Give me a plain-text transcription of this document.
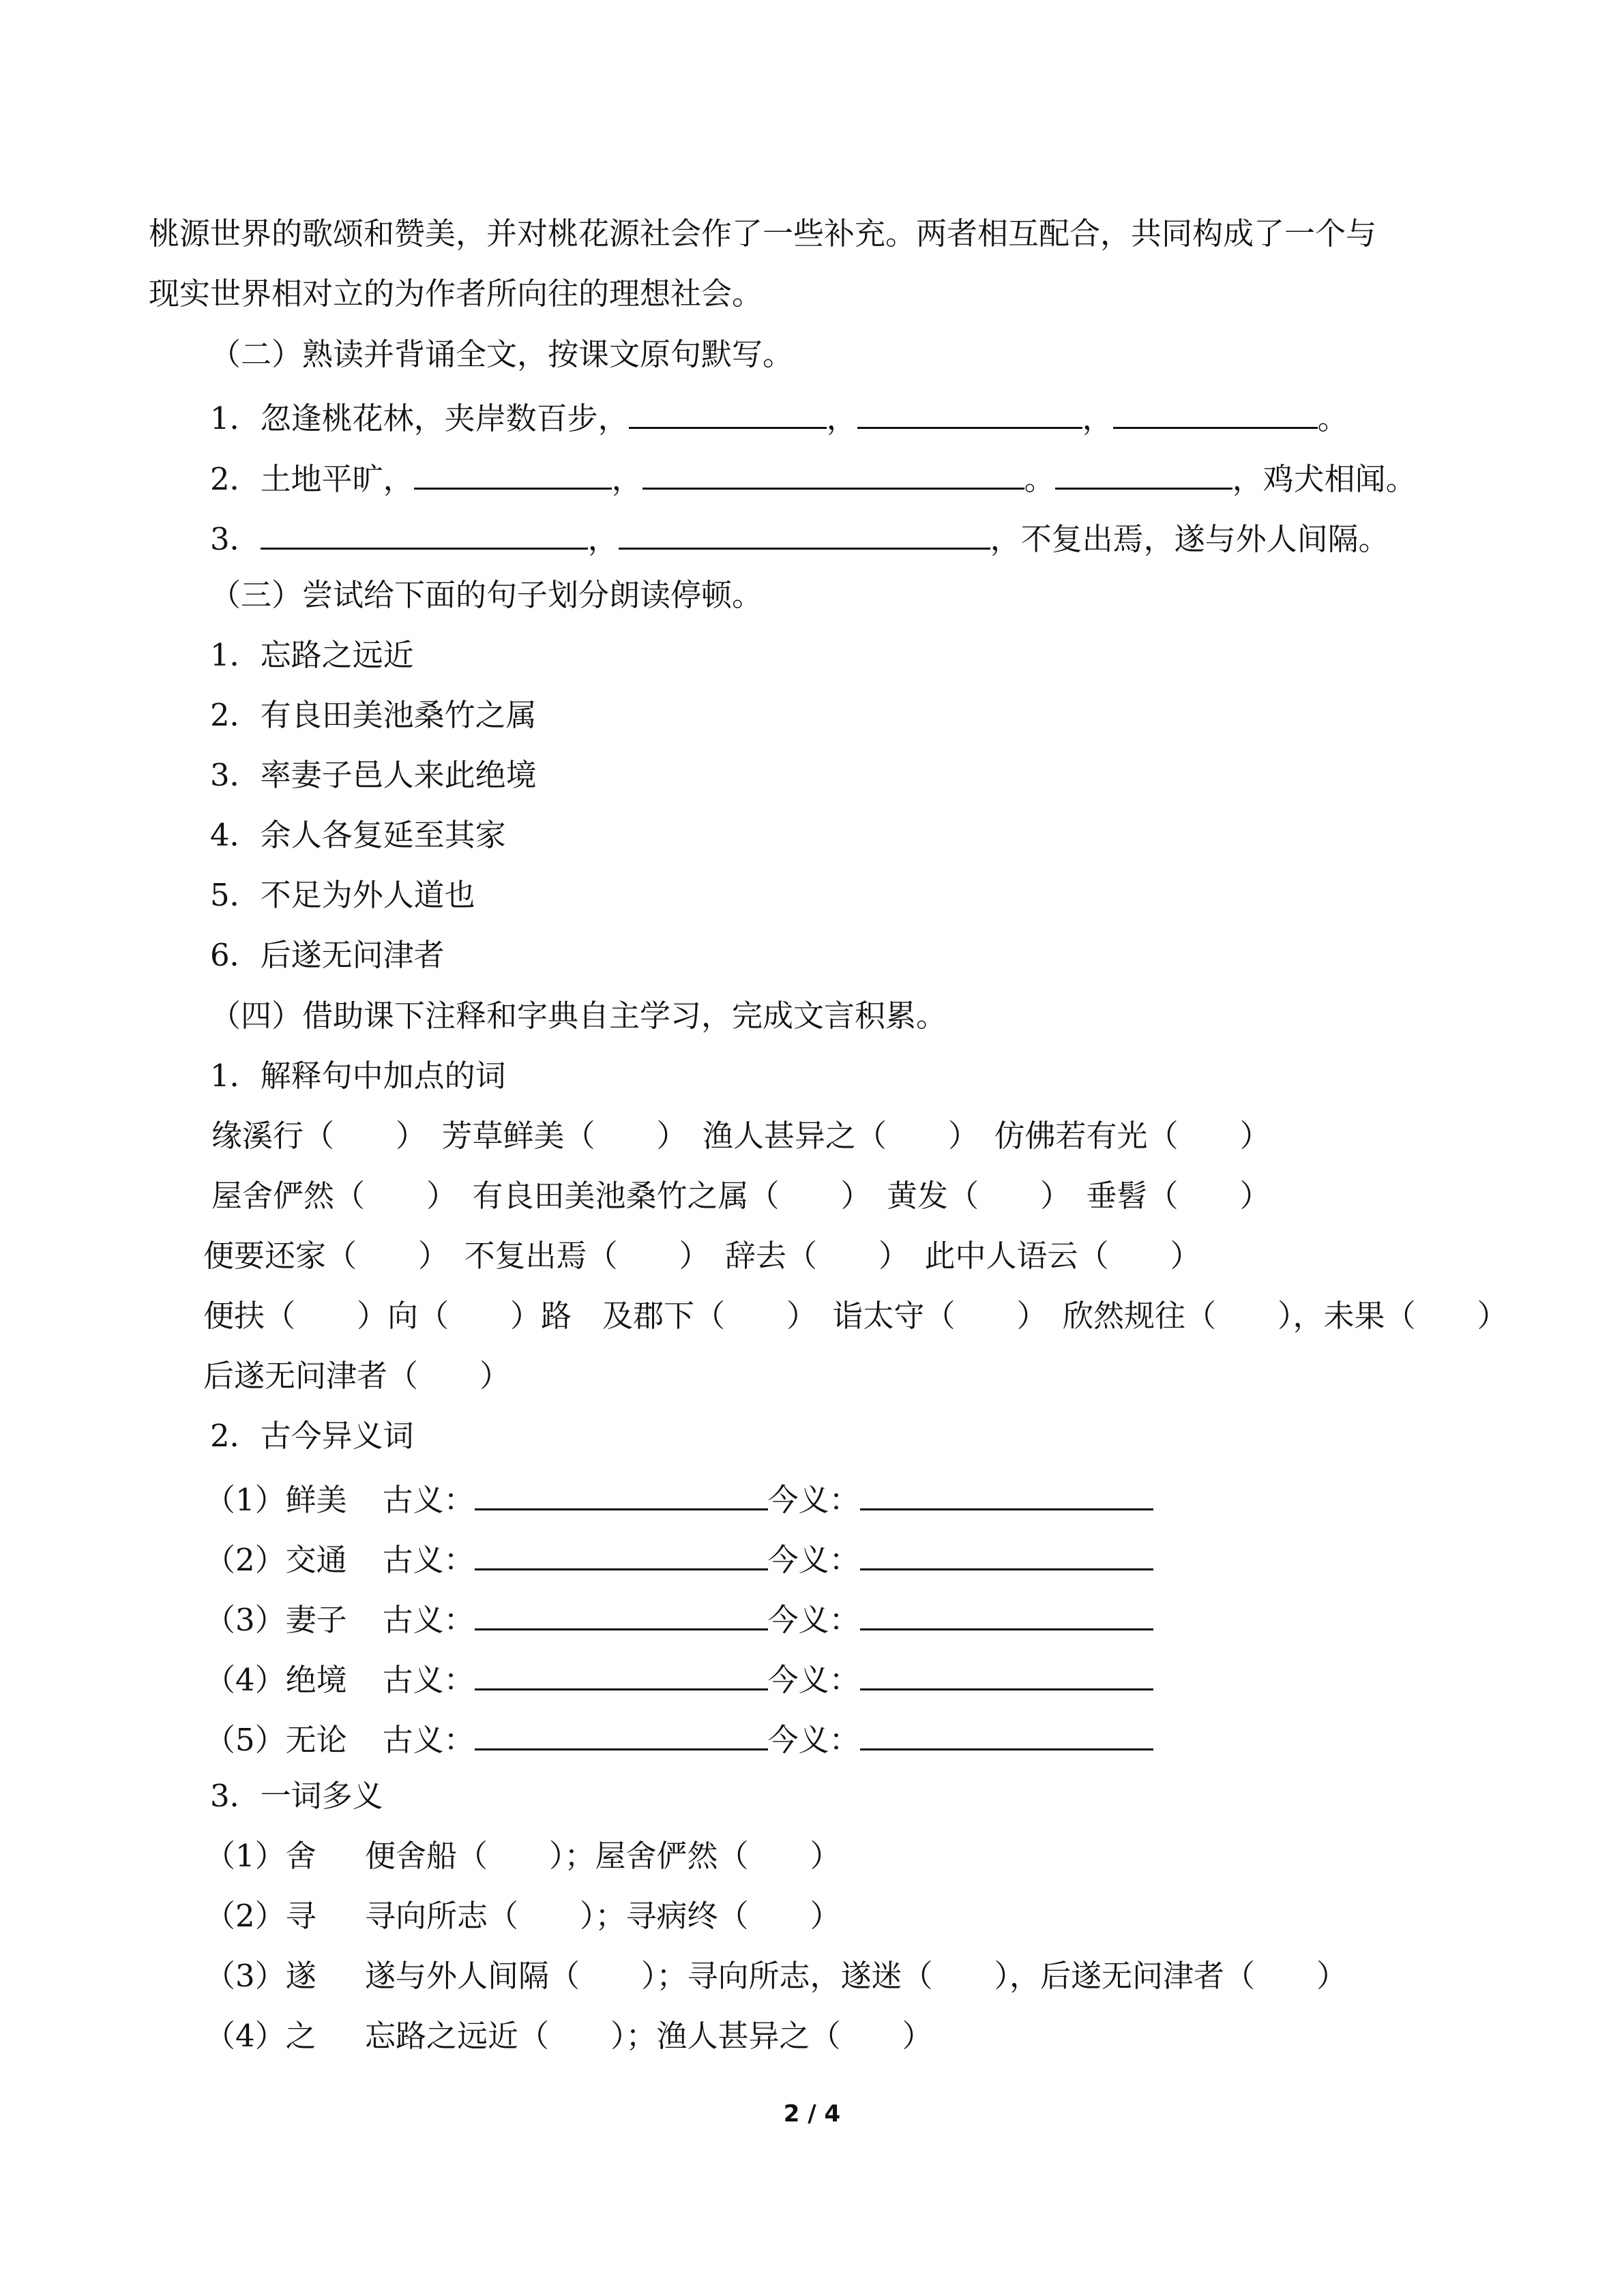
桃源世界的歌颂和赞美，并对桃花源社会作了一些补充。两者相互配合，共同构成了一个与
现实世界相对立的为作者所向往的理想社会。
（二）熟读并背诵全文，按课文原句默写。
1．忽逢桃花林，夹岸数百步，	，	，	。
2．土地平旷，	，	。	，鸡犬相闻。
3．	，	，不复出焉，遂与外人间隔。
（三）尝试给下面的句子划分朗读停顿。
1．忘路之远近
2．有良田美池桑竹之属
3．率妻子邑人来此绝境
4．余人各复延至其家
5．不足为外人道也
6．后遂无问津者
（四）借助课下注释和字典自主学习，完成文言积累。
1．解释句中加点的词
缘溪行（　　）　芳草鲜美（　　）　渔人甚异之（　　）　仿佛若有光（　　）
屋舍俨然（　　）　有良田美池桑竹之属（　　）　黄发（　　）　垂髫（　　）
便要还家（　　）　不复出焉（　　）　辞去（　　）　此中人语云（　　）
便扶（　　）向（　　）路　及郡下（　　）　诣太守（　　）　欣然规往（　　），未果（　　）
后遂无问津者（　　）
2．古今异义词
（1）鲜美 古义：	今义：
（2）交通 古义：	今义：
（3）妻子 古义：	今义：
（4）绝境 古义：	今义：
（5）无论 古义：	今义：
3．一词多义
（1）舍 便舍船（　　）；屋舍俨然（　　）
（2）寻 寻向所志（　　）；寻病终（　　）
（3）遂 遂与外人间隔（　　）；寻向所志，遂迷（　　），后遂无问津者（　　）
（4）之 忘路之远近（　　）；渔人甚异之（　　）
2 / 4
